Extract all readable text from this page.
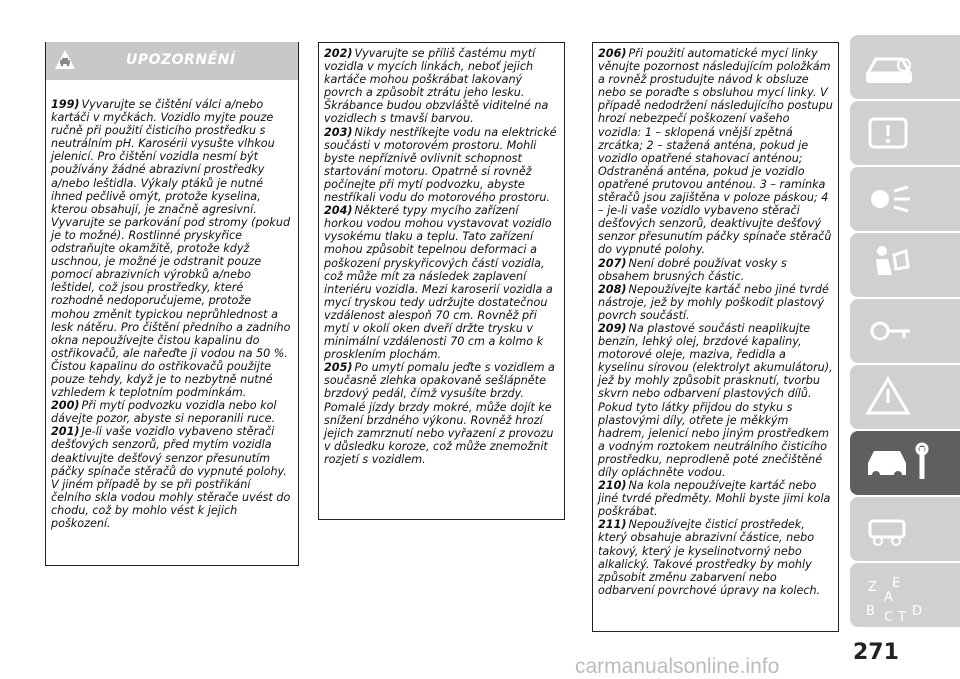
UPOZORNĚNÍ

199) Vyvarujte se čištění válci a/nebo kartáči v myčkách. Vozidlo myjte pouze ručně při použití čisticího prostředku s neutrálním pH. Karosérii vysušte vlhkou jelenicí. Pro čištění vozidla nesmí být používány žádné abrazivní prostředky a/nebo leštidla. Výkaly ptáků je nutné ihned pečlivě omýt, protože kyselina, kterou obsahují, je značně agresivní. Vyvarujte se parkování pod stromy (pokud je to možné). Rostlinné pryskyřice odstraňujte okamžitě, protože když uschnou, je možné je odstranit pouze pomocí abrazivních výrobků a/nebo leštidel, což jsou prostředky, které rozhodně nedoporučujeme, protože mohou změnit typickou neprůhlednost a lesk nátěru. Pro čištění předního a zadního okna nepoužívejte čistou kapalinu do ostřikovačů, ale nařeďte ji vodou na 50 %. Čistou kapalinu do ostřikovačů použijte pouze tehdy, když je to nezbytně nutné vzhledem k teplotním podmínkám.

200) Při mytí podvozku vozidla nebo kol dávejte pozor, abyste si neporanili ruce.

201) Je-li vaše vozidlo vybaveno stěrači dešťových senzorů, před mytím vozidla deaktivujte dešťový senzor přesunutím páčky spínače stěračů do vypnuté polohy. V jiném případě by se při postřikání čelního skla vodou mohly stěrače uvést do chodu, což by mohlo vést k jejich poškození.

202) Vyvarujte se příliš častému mytí vozidla v mycích linkách, neboť jejich kartáče mohou poškrábat lakovaný povrch a způsobit ztrátu jeho lesku. Škrábance budou obzvláště viditelné na vozidlech s tmavší barvou.

203) Nikdy nestříkejte vodu na elektrické součásti v motorovém prostoru. Mohli byste nepříznivě ovlivnit schopnost startování motoru. Opatrně si rovněž počínejte při mytí podvozku, abyste nestříkali vodu do motorového prostoru.

204) Některé typy mycího zařízení horkou vodou mohou vystavovat vozidlo vysokému tlaku a teplu. Tato zařízení mohou způsobit tepelnou deformaci a poškození pryskyřicových částí vozidla, což může mít za následek zaplavení interiéru vozidla. Mezi karoserií vozidla a mycí tryskou tedy udržujte dostatečnou vzdálenost alespoň 70 cm. Rovněž při mytí v okolí oken dveří držte trysku v minimální vzdálenosti 70 cm a kolmo k prosklením plochám.

205) Po umytí pomalu jeďte s vozidlem a současně zlehka opakovaně sešlápněte brzdový pedál, čímž vysušíte brzdy. Pomalé jízdy brzdy mokré, může dojít ke snížení brzdného výkonu. Rovněž hrozí jejich zamrznutí nebo vyřazení z provozu v důsledku koroze, což může znemožnit rozjetí s vozidlem.

206) Při použití automatické mycí linky věnujte pozornost následujícím položkám a rovněž prostudujte návod k obsluze nebo se poraďte s obsluhou mycí linky. V případě nedodržení následujícího postupu hrozí nebezpečí poškození vašeho vozidla: 1 – sklopená vnější zpětná zrcátka; 2 – stažená anténa, pokud je vozidlo opatřené stahovací anténou; Odstraněná anténa, pokud je vozidlo opatřené prutovou anténou. 3 – ramínka stěračů jsou zajištěna v poloze páskou; 4 – je-li vaše vozidlo vybaveno stěrači dešťových senzorů, deaktivujte dešťový senzor přesunutím páčky spínače stěračů do vypnuté polohy.

207) Není dobré používat vosky s obsahem brusných částic.

208) Nepoužívejte kartáč nebo jiné tvrdé nástroje, jež by mohly poškodit plastový povrch součástí.

209) Na plastové součásti neaplikujte benzín, lehký olej, brzdové kapaliny, motorové oleje, maziva, ředidla a kyselinu sírovou (elektrolyt akumulátoru), jež by mohly způsobit prasknutí, tvorbu skvrn nebo odbarvení plastových dílů. Pokud tyto látky přijdou do styku s plastovými díly, otřete je měkkým hadrem, jelenicí nebo jiným prostředkem a vodným roztokem neutrálního čisticího prostředku, neprodleně poté znečištěné díly opláchněte vodou.

210) Na kola nepoužívejte kartáč nebo jiné tvrdé předměty. Mohli byste jimi kola poškrábat.

211) Nepoužívejte čisticí prostředek, který obsahuje abrazivní částice, nebo takový, který je kyselinotvorný nebo alkalický. Takové prostředky by mohly způsobit změnu zabarvení nebo odbarvení povrchové úpravy na kolech.	Z E
A
B C T D
271
carmanualsonline.info
